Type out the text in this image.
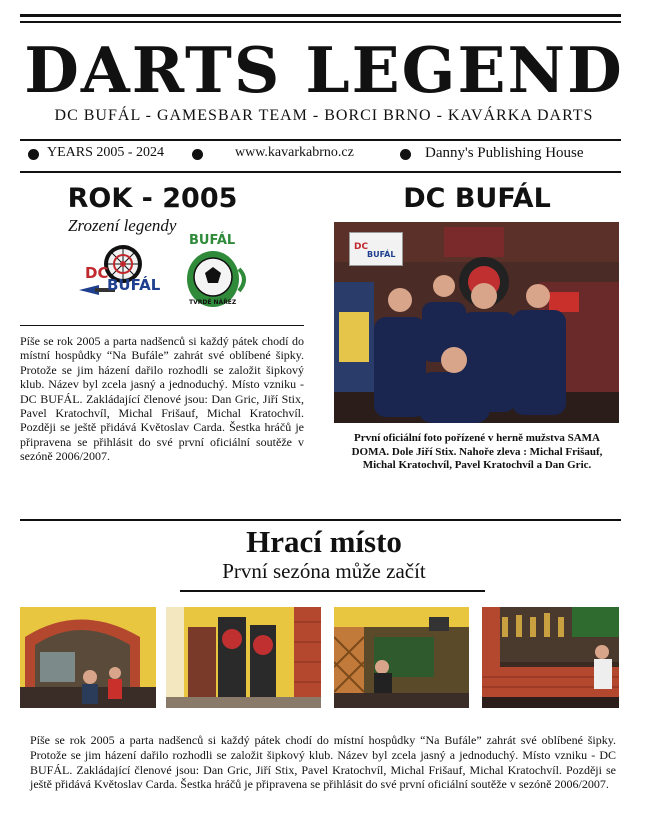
DARTS LEGEND
DC BUFÁL - GAMESBAR TEAM - BORCI BRNO - KAVÁRKA DARTS
YEARS 2005 - 2024	www.kavarkabrno.cz	Danny's Publishing House
ROK - 2005
Zrození legendy
DC
BUFÁL
BUFÁL
TVRDÉ NÁŘEZ
Píše se rok 2005 a parta nadšenců si každý pátek chodí do místní hospůdky “Na Bufále” zahrát své oblíbené šipky. Protože se jim házení dařilo rozhodli se založit šipkový klub. Název byl zcela jasný a jednoduchý. Místo vzniku - DC BUFÁL. Zakládající členové jsou: Dan Gric, Jiří Stix, Pavel Kratochvíl, Michal Frišauf, Michal Kratochvíl. Později se ještě přidává Květoslav Carda. Šestka hráčů je připravena se přihlásit do své první oficiální soutěže v sezóně 2006/2007.
DC BUFÁL
DC
BUFÁL
První oficiální foto pořízené v herně mužstva SAMA DOMA. Dole Jiří Stix. Nahoře zleva : Michal Frišauf, Michal Kratochvíl, Pavel Kratochvíl a Dan Gric.
Hrací místo
První sezóna může začít
Píše se rok 2005 a parta nadšenců si každý pátek chodí do místní hospůdky “Na Bufále” zahrát své oblíbené šipky. Protože se jim házení dařilo rozhodli se založit šipkový klub. Název byl zcela jasný a jednoduchý. Místo vzniku - DC BUFÁL. Zakládající členové jsou: Dan Gric, Jiří Stix, Pavel Kratochvíl, Michal Frišauf, Michal Kratochvíl. Později se ještě přidává Květoslav Carda. Šestka hráčů je připravena se přihlásit do své první oficiální soutěže v sezóně 2006/2007.
